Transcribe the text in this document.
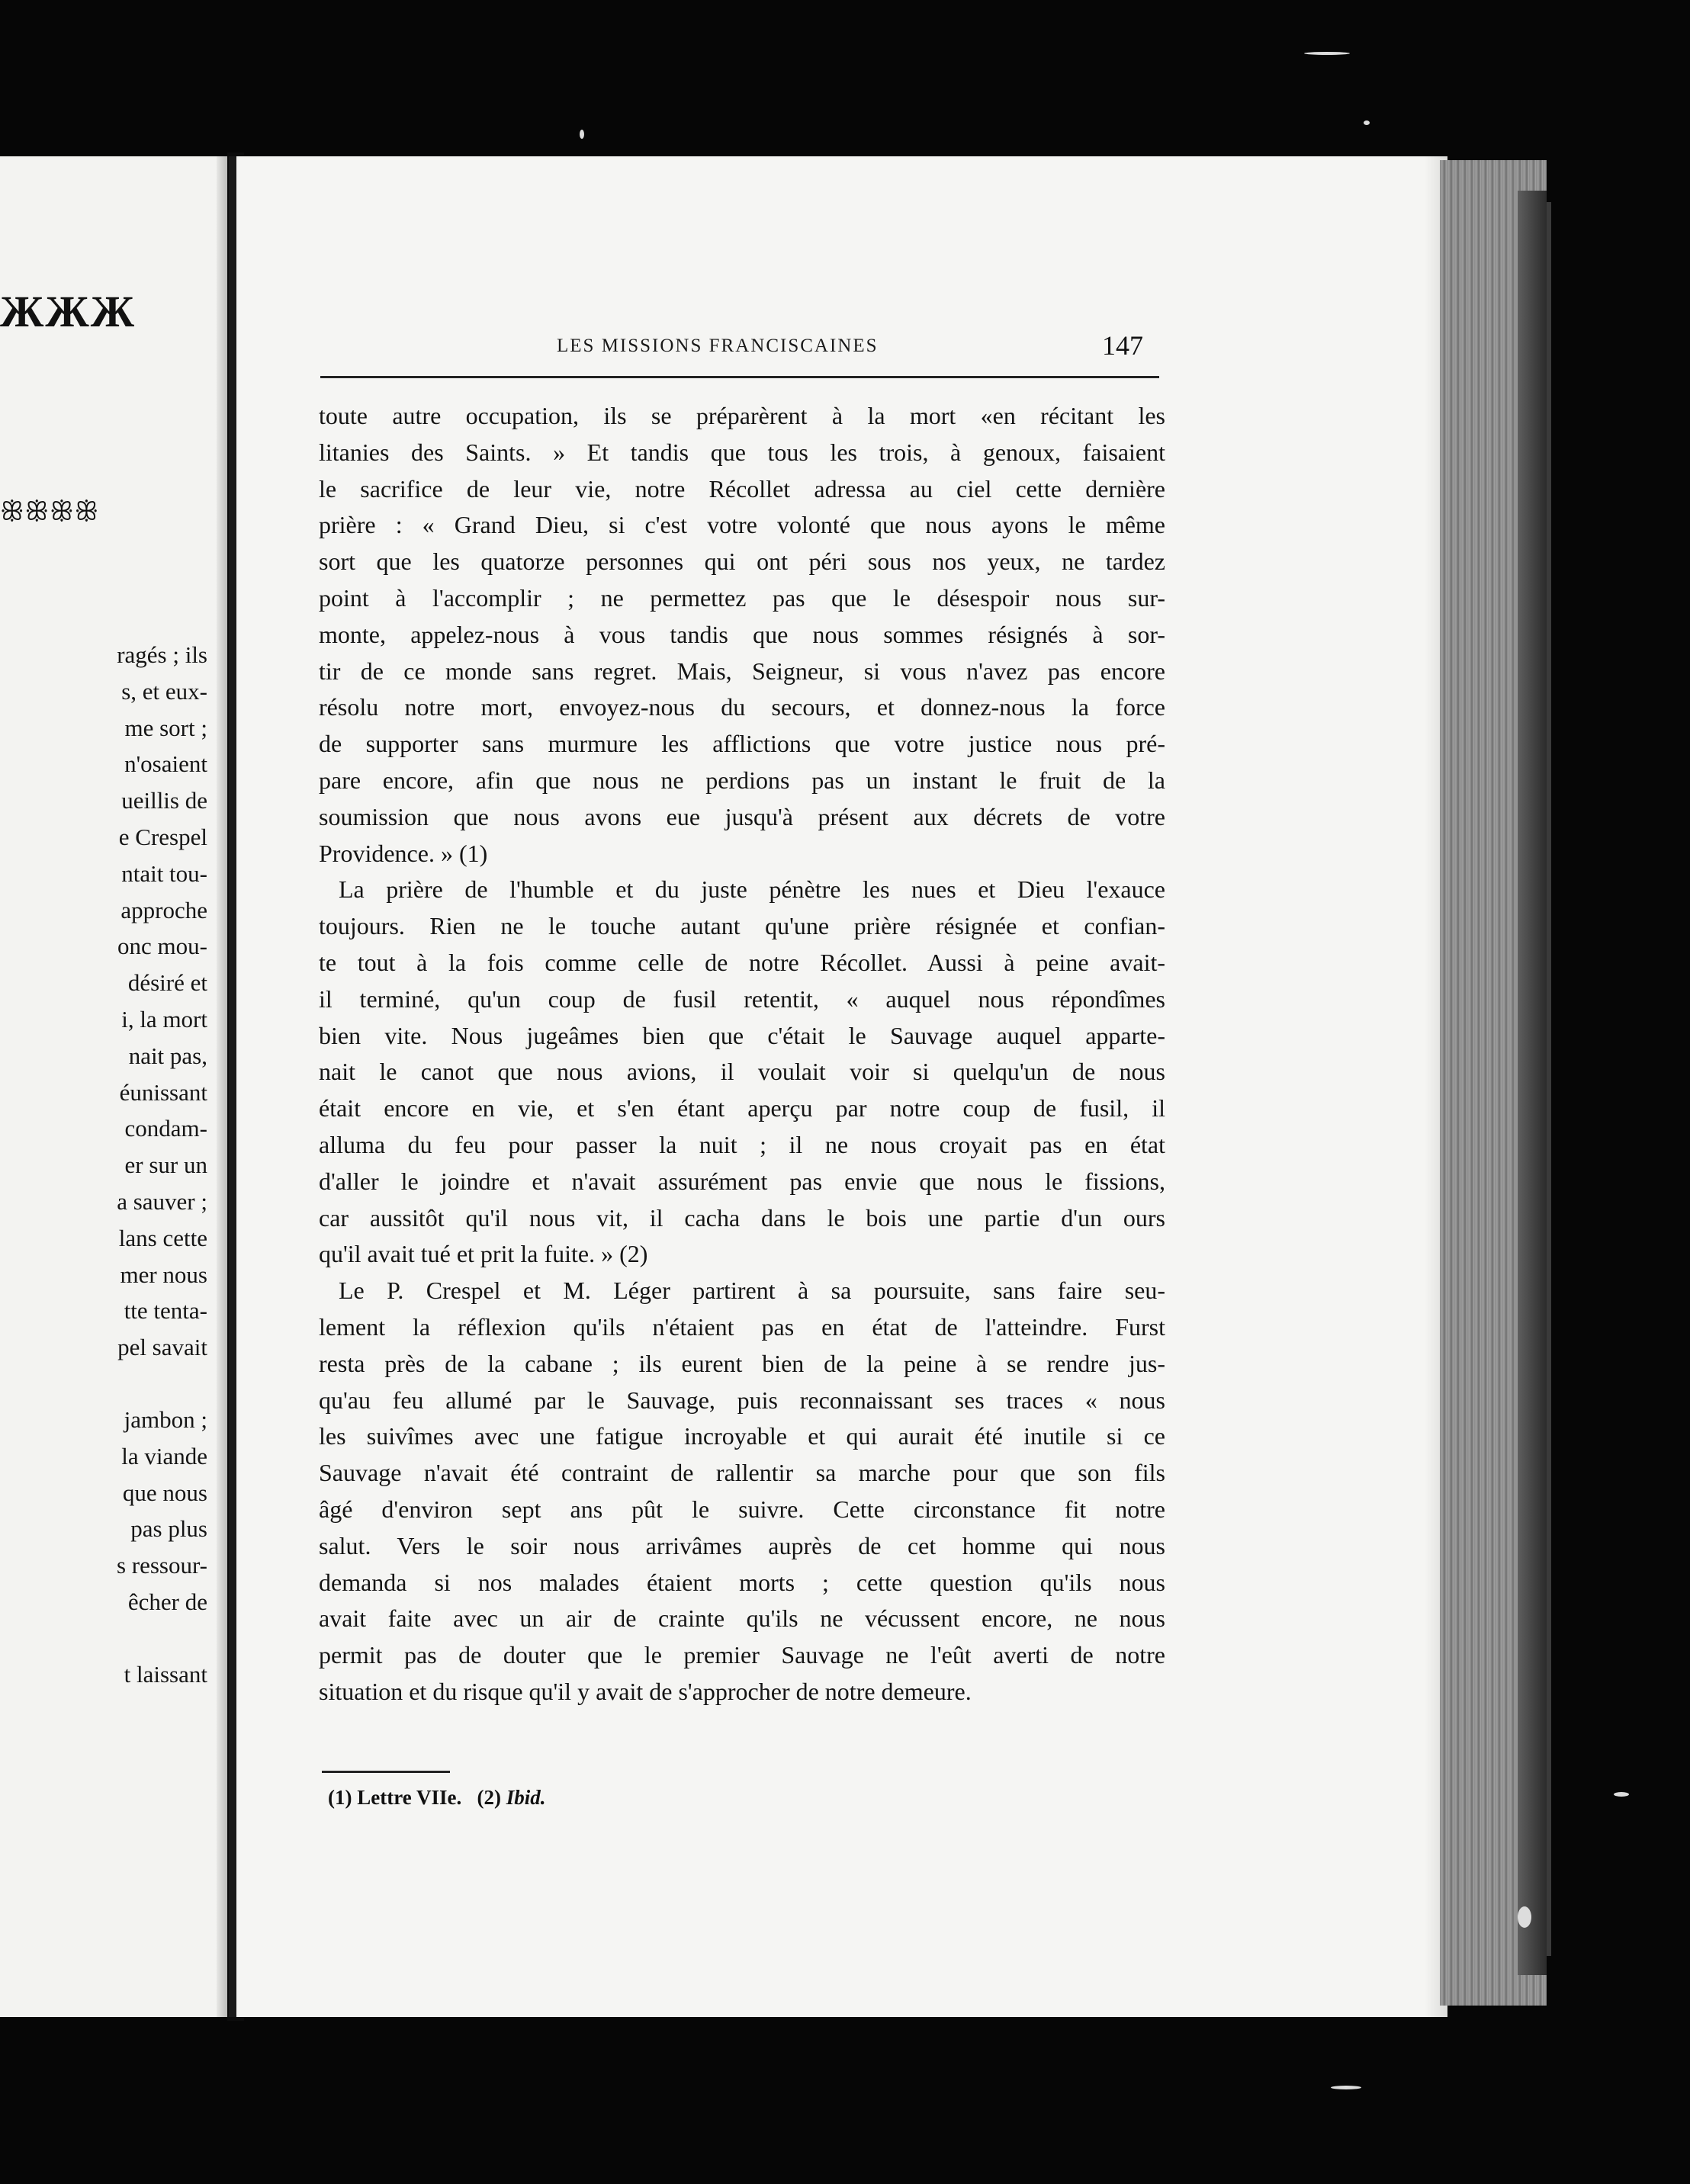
ЖЖЖ
ꕥꕥꕥꕥ
ragés ; ils
s, et eux-
me sort ;
n'osaient
ueillis de
e Crespel
ntait tou-
approche
onc mou-
désiré et
i, la mort
nait pas,
éunissant
condam-
er sur un
a sauver ;
lans cette
mer nous
tte tenta-
pel savait
jambon ;
la viande
que nous
pas plus
s ressour-
êcher de
t laissant
LES MISSIONS FRANCISCAINES	147
toute autre occupation, ils se préparèrent à la mort «en récitant les
litanies des Saints. » Et tandis que tous les trois, à genoux, faisaient
le sacrifice de leur vie, notre Récollet adressa au ciel cette dernière
prière : « Grand Dieu, si c'est votre volonté que nous ayons le même
sort que les quatorze personnes qui ont péri sous nos yeux, ne tardez
point à l'accomplir ; ne permettez pas que le désespoir nous sur-
monte, appelez-nous à vous tandis que nous sommes résignés à sor-
tir de ce monde sans regret. Mais, Seigneur, si vous n'avez pas encore
résolu notre mort, envoyez-nous du secours, et donnez-nous la force
de supporter sans murmure les afflictions que votre justice nous pré-
pare encore, afin que nous ne perdions pas un instant le fruit de la
soumission que nous avons eue jusqu'à présent aux décrets de votre
Providence. » (1)
La prière de l'humble et du juste pénètre les nues et Dieu l'exauce
toujours. Rien ne le touche autant qu'une prière résignée et confian-
te tout à la fois comme celle de notre Récollet. Aussi à peine avait-
il terminé, qu'un coup de fusil retentit, « auquel nous répondîmes
bien vite. Nous jugeâmes bien que c'était le Sauvage auquel apparte-
nait le canot que nous avions, il voulait voir si quelqu'un de nous
était encore en vie, et s'en étant aperçu par notre coup de fusil, il
alluma du feu pour passer la nuit ; il ne nous croyait pas en état
d'aller le joindre et n'avait assurément pas envie que nous le fissions,
car aussitôt qu'il nous vit, il cacha dans le bois une partie d'un ours
qu'il avait tué et prit la fuite. » (2)
Le P. Crespel et M. Léger partirent à sa poursuite, sans faire seu-
lement la réflexion qu'ils n'étaient pas en état de l'atteindre. Furst
resta près de la cabane ; ils eurent bien de la peine à se rendre jus-
qu'au feu allumé par le Sauvage, puis reconnaissant ses traces « nous
les suivîmes avec une fatigue incroyable et qui aurait été inutile si ce
Sauvage n'avait été contraint de rallentir sa marche pour que son fils
âgé d'environ sept ans pût le suivre. Cette circonstance fit notre
salut. Vers le soir nous arrivâmes auprès de cet homme qui nous
demanda si nos malades étaient morts ; cette question qu'ils nous
avait faite avec un air de crainte qu'ils ne vécussent encore, ne nous
permit pas de douter que le premier Sauvage ne l'eût averti de notre
situation et du risque qu'il y avait de s'approcher de notre demeure.
(1) Lettre VIIe. (2) Ibid.
